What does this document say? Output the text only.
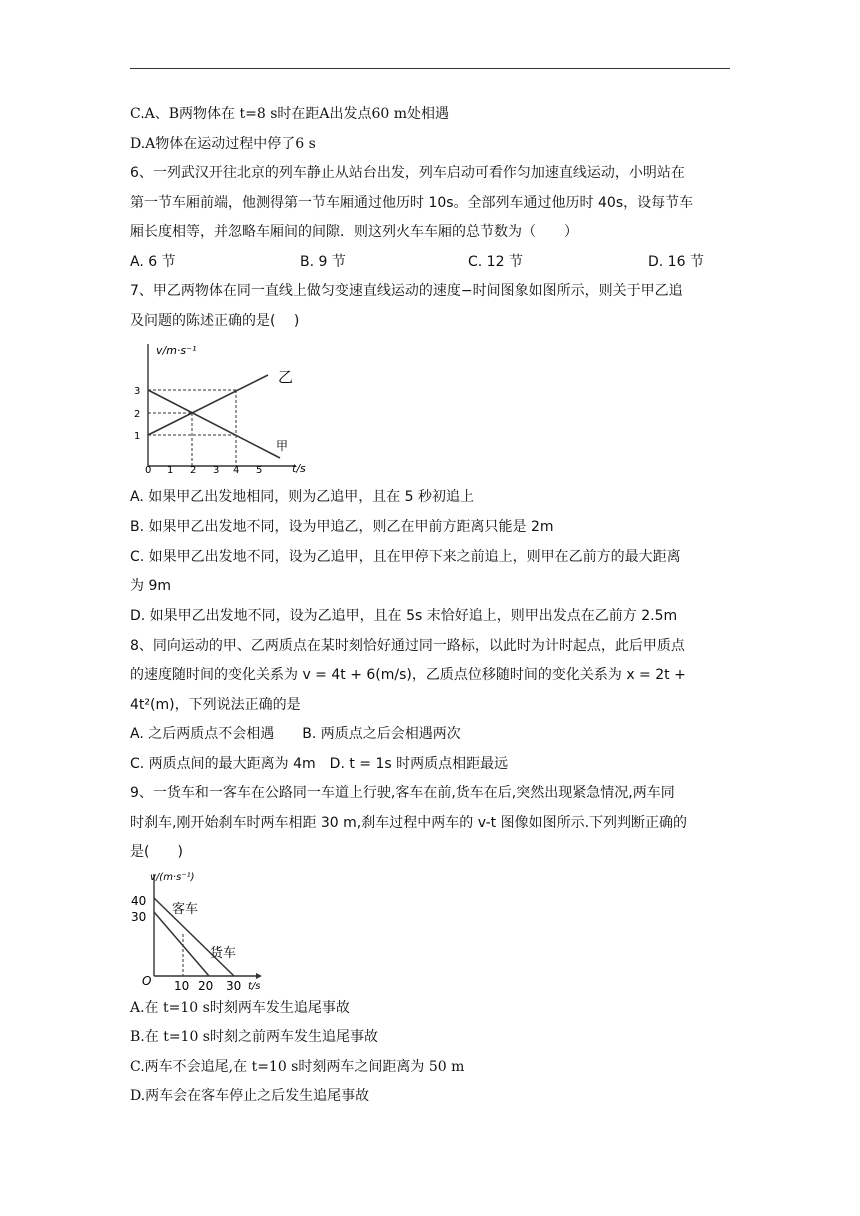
C.A、B两物体在 t=8 s时在距A出发点60 m处相遇
D.A物体在运动过程中停了6 s
6、一列武汉开往北京的列车静止从站台出发，列车启动可看作匀加速直线运动，小明站在
第一节车厢前端，他测得第一节车厢通过他历时 10s。全部列车通过他历时 40s，设每节车
厢长度相等，并忽略车厢间的间隙．则这列火车车厢的总节数为（　　）
A. 6 节	B. 9 节	C. 12 节	D. 16 节
7、甲乙两物体在同一直线上做匀变速直线运动的速度−时间图象如图所示，则关于甲乙追
及问题的陈述正确的是(　 )
v/m·s⁻¹
t/s
0 1 2 3 4 5
1
2
3
乙
甲
A. 如果甲乙出发地相同，则为乙追甲，且在 5 秒初追上
B. 如果甲乙出发地不同，设为甲追乙，则乙在甲前方距离只能是 2m
C. 如果甲乙出发地不同，设为乙追甲，且在甲停下来之前追上，则甲在乙前方的最大距离
为 9m
D. 如果甲乙出发地不同，设为乙追甲，且在 5s 末恰好追上，则甲出发点在乙前方 2.5m
8、同向运动的甲、乙两质点在某时刻恰好通过同一路标，以此时为计时起点，此后甲质点
的速度随时间的变化关系为 v = 4t + 6(m/s)，乙质点位移随时间的变化关系为 x = 2t +
4t²(m)，下列说法正确的是
A. 之后两质点不会相遇　　B. 两质点之后会相遇两次
C. 两质点间的最大距离为 4m　D. t = 1s 时两质点相距最远
9、一货车和一客车在公路同一车道上行驶,客车在前,货车在后,突然出现紧急情况,两车同
时刹车,刚开始刹车时两车相距 30 m,刹车过程中两车的 v-t 图像如图所示.下列判断正确的
是(　　)
v/(m·s⁻¹)
t/s
O
40
30
10 20 30
客车
货车
A.在 t=10 s时刻两车发生追尾事故
B.在 t=10 s时刻之前两车发生追尾事故
C.两车不会追尾,在 t=10 s时刻两车之间距离为 50 m
D.两车会在客车停止之后发生追尾事故
